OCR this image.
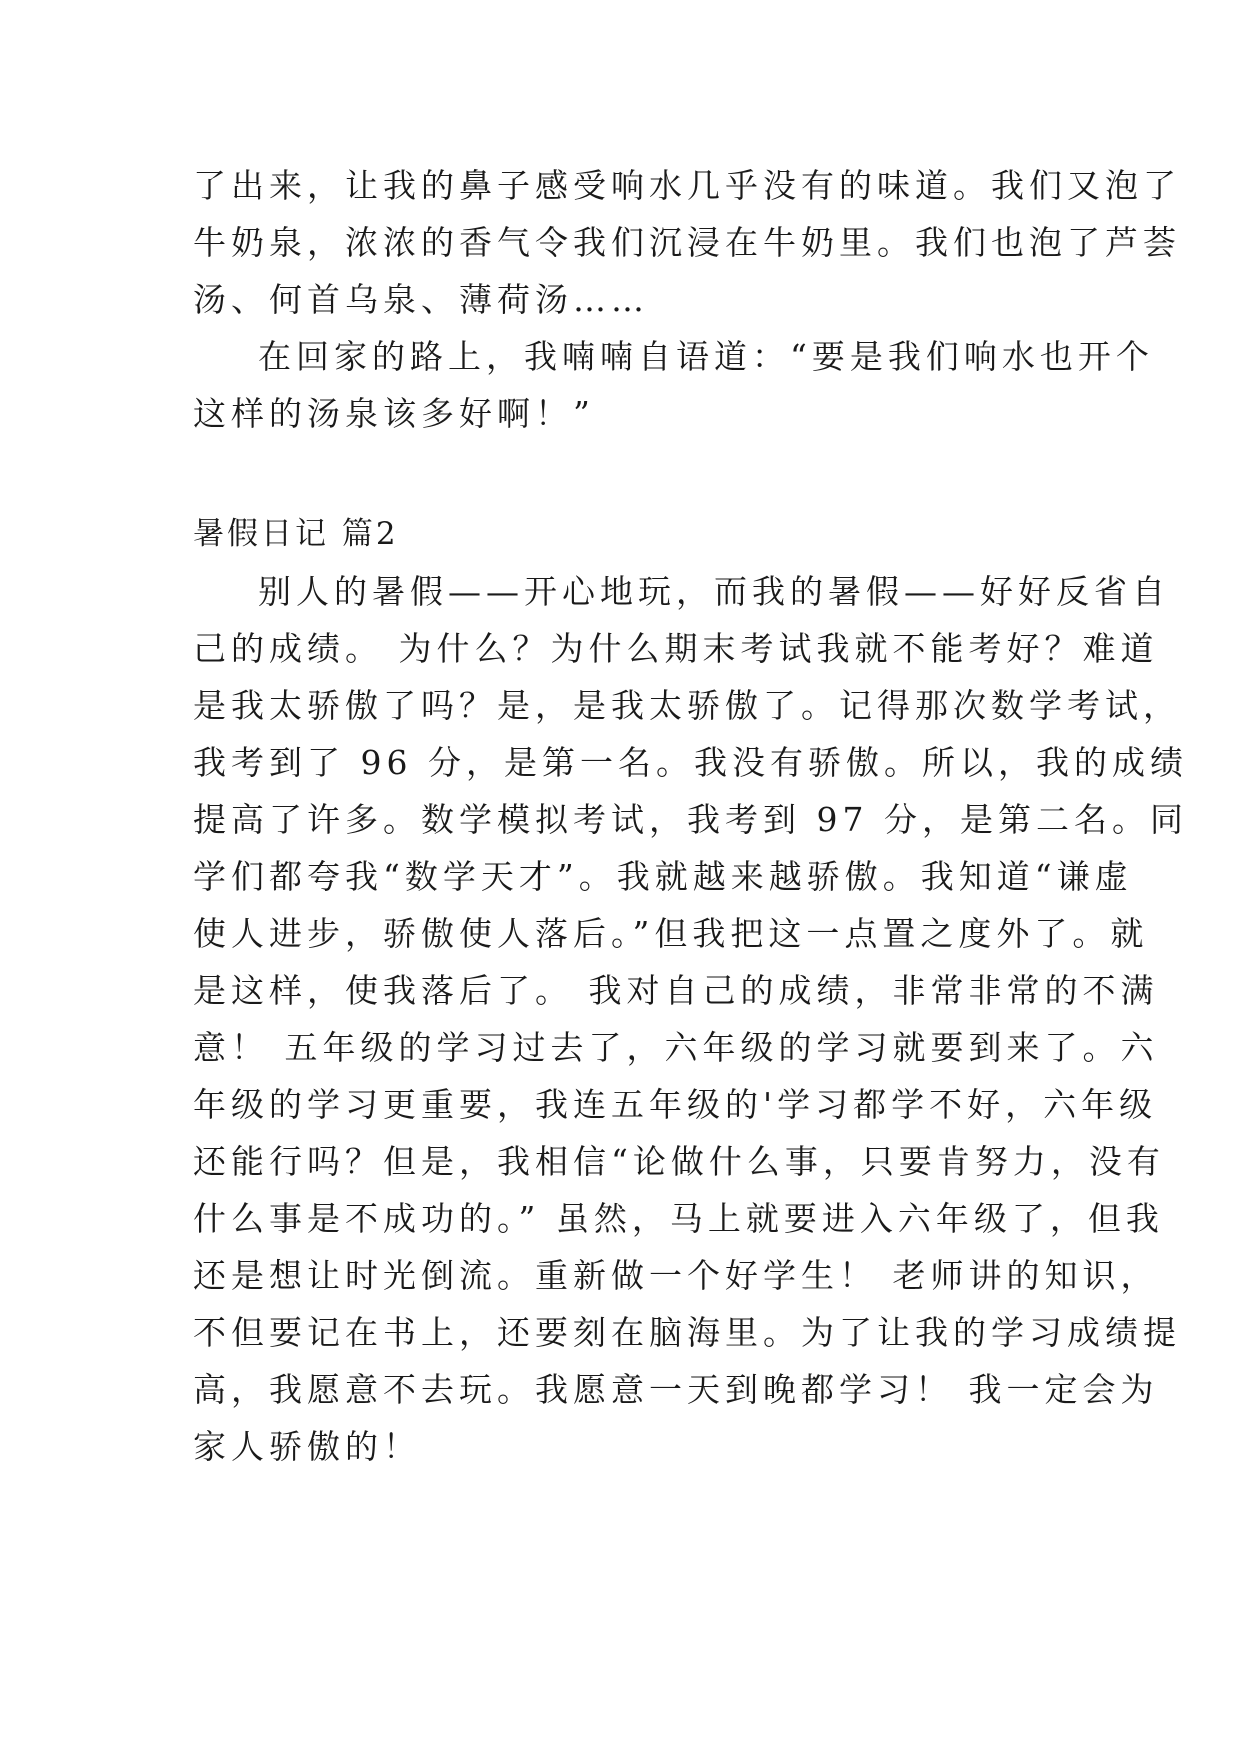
了出来，让我的鼻子感受响水几乎没有的味道。我们又泡了
牛奶泉，浓浓的香气令我们沉浸在牛奶里。我们也泡了芦荟
汤、何首乌泉、薄荷汤……
在回家的路上，我喃喃自语道：“要是我们响水也开个
这样的汤泉该多好啊！”
暑假日记 篇2
别人的暑假——开心地玩，而我的暑假——好好反省自
己的成绩。 为什么？为什么期末考试我就不能考好？难道
是我太骄傲了吗？是，是我太骄傲了。记得那次数学考试，
我考到了 96 分，是第一名。我没有骄傲。所以，我的成绩
提高了许多。数学模拟考试，我考到 97 分，是第二名。同
学们都夸我“数学天才”。我就越来越骄傲。我知道“谦虚
使人进步，骄傲使人落后。”但我把这一点置之度外了。就
是这样，使我落后了。 我对自己的成绩，非常非常的不满
意！ 五年级的学习过去了，六年级的学习就要到来了。六
年级的学习更重要，我连五年级的'学习都学不好，六年级
还能行吗？但是，我相信“论做什么事，只要肯努力，没有
什么事是不成功的。” 虽然，马上就要进入六年级了，但我
还是想让时光倒流。重新做一个好学生！ 老师讲的知识，
不但要记在书上，还要刻在脑海里。为了让我的学习成绩提
高，我愿意不去玩。我愿意一天到晚都学习！ 我一定会为
家人骄傲的！
